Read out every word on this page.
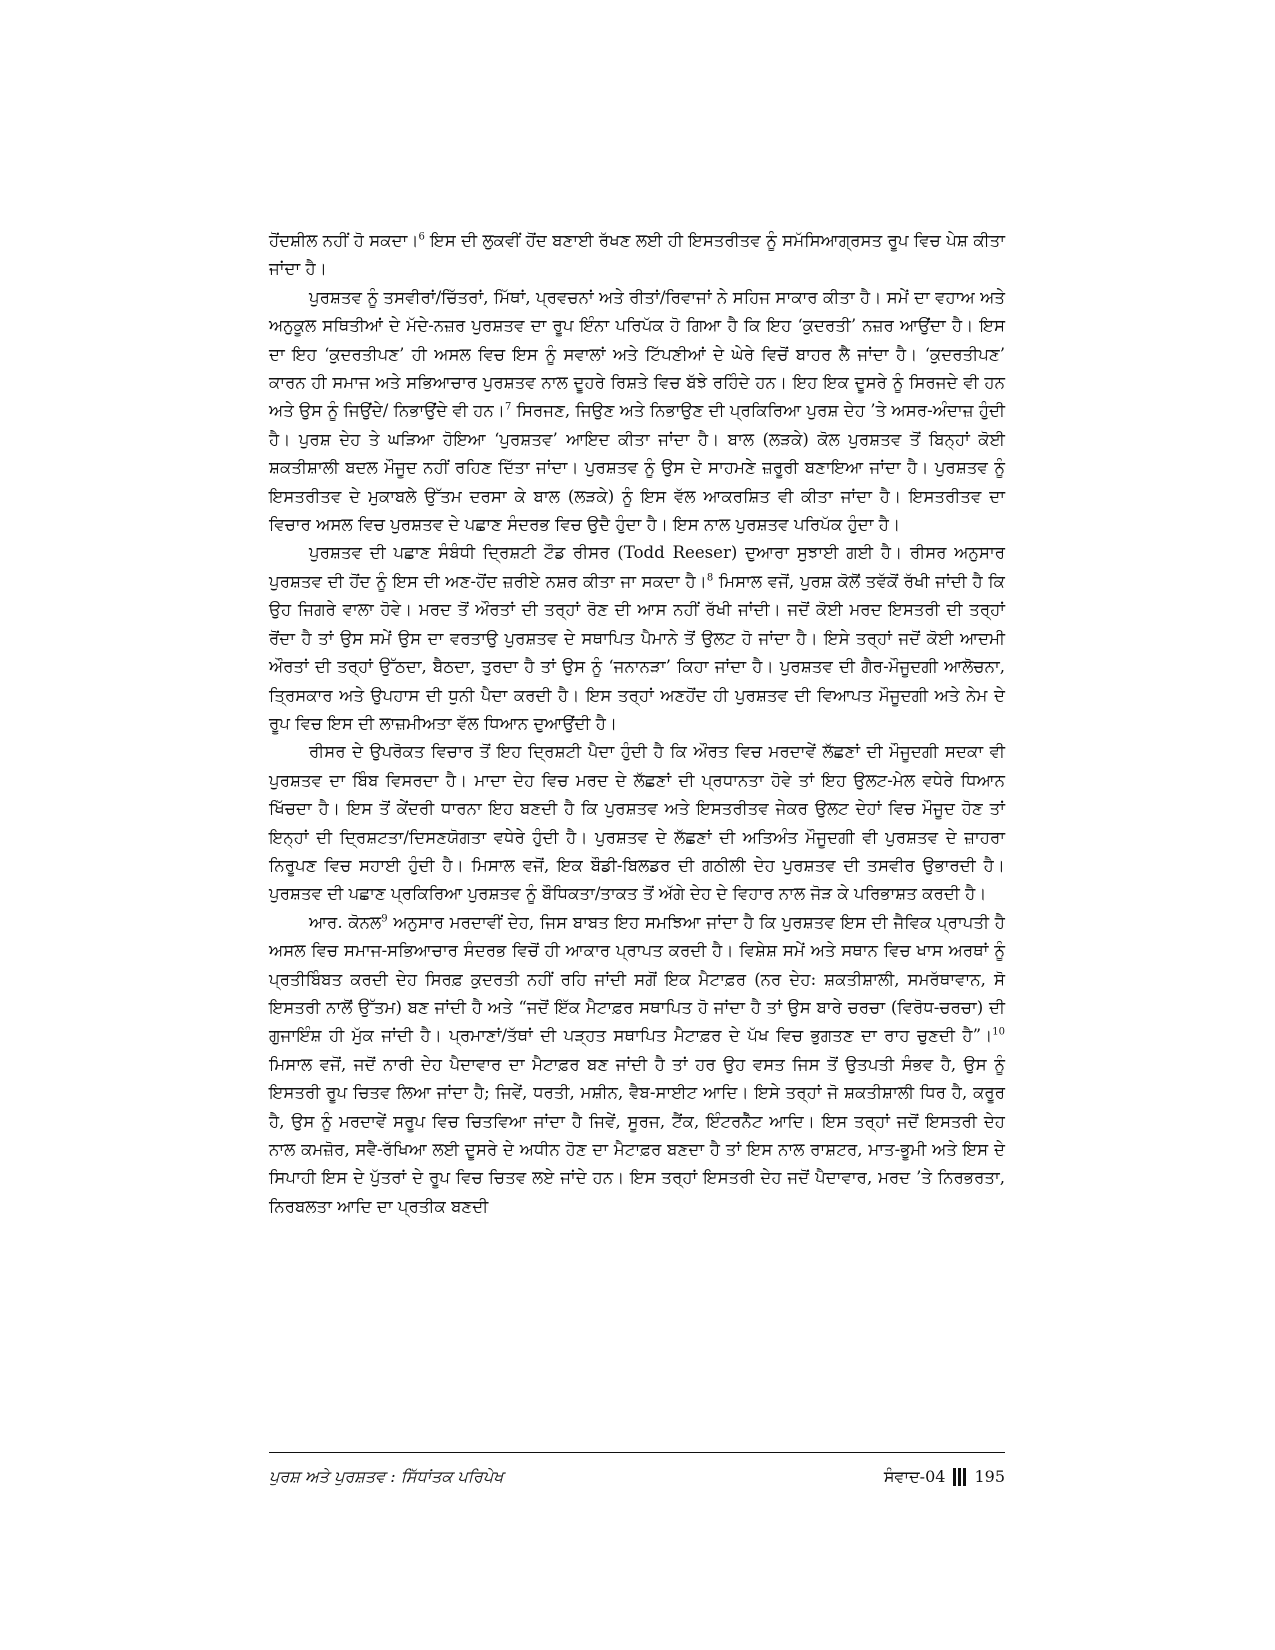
ਹੋਂਦਸ਼ੀਲ ਨਹੀਂ ਹੋ ਸਕਦਾ।$^6$ ਇਸ ਦੀ ਲੁਕਵੀਂ ਹੋਂਦ ਬਣਾਈ ਰੱਖਣ ਲਈ ਹੀ ਇਸਤਰੀਤਵ ਨੂੰ ਸਮੱਸਿਆਗ੍ਰਸਤ ਰੂਪ ਵਿਚ ਪੇਸ਼ ਕੀਤਾ ਜਾਂਦਾ ਹੈ।

ਪੁਰਸ਼ਤਵ ਨੂੰ ਤਸਵੀਰਾਂ/ਚਿੱਤਰਾਂ, ਮਿੱਥਾਂ, ਪ੍ਰਵਚਨਾਂ ਅਤੇ ਰੀਤਾਂ/ਰਿਵਾਜਾਂ ਨੇ ਸਹਿਜ ਸਾਕਾਰ ਕੀਤਾ ਹੈ। ਸਮੇਂ ਦਾ ਵਹਾਅ ਅਤੇ ਅਨੁਕੂਲ ਸਥਿਤੀਆਂ ਦੇ ਮੱਦੇ-ਨਜ਼ਰ ਪੁਰਸ਼ਤਵ ਦਾ ਰੂਪ ਇੰਨਾ ਪਰਿਪੱਕ ਹੋ ਗਿਆ ਹੈ ਕਿ ਇਹ ‘ਕੁਦਰਤੀ’ ਨਜ਼ਰ ਆਉਂਦਾ ਹੈ। ਇਸ ਦਾ ਇਹ ‘ਕੁਦਰਤੀਪਣ’ ਹੀ ਅਸਲ ਵਿਚ ਇਸ ਨੂੰ ਸਵਾਲਾਂ ਅਤੇ ਟਿੱਪਣੀਆਂ ਦੇ ਘੇਰੇ ਵਿਚੋਂ ਬਾਹਰ ਲੈ ਜਾਂਦਾ ਹੈ। ‘ਕੁਦਰਤੀਪਣ’ ਕਾਰਨ ਹੀ ਸਮਾਜ ਅਤੇ ਸਭਿਆਚਾਰ ਪੁਰਸ਼ਤਵ ਨਾਲ ਦੂਹਰੇ ਰਿਸ਼ਤੇ ਵਿਚ ਬੱਝੇ ਰਹਿੰਦੇ ਹਨ। ਇਹ ਇਕ ਦੂਸਰੇ ਨੂੰ ਸਿਰਜਦੇ ਵੀ ਹਨ ਅਤੇ ਉਸ ਨੂੰ ਜਿਉਂਦੇ/ ਨਿਭਾਉਂਦੇ ਵੀ ਹਨ।$^7$ ਸਿਰਜਣ, ਜਿਉਣ ਅਤੇ ਨਿਭਾਉਣ ਦੀ ਪ੍ਰਕਿਰਿਆ ਪੁਰਸ਼ ਦੇਹ ’ਤੇ ਅਸਰ-ਅੰਦਾਜ਼ ਹੁੰਦੀ ਹੈ। ਪੁਰਸ਼ ਦੇਹ ਤੇ ਘੜਿਆ ਹੋਇਆ ‘ਪੁਰਸ਼ਤਵ’ ਆਇਦ ਕੀਤਾ ਜਾਂਦਾ ਹੈ। ਬਾਲ (ਲੜਕੇ) ਕੋਲ ਪੁਰਸ਼ਤਵ ਤੋਂ ਬਿਨ੍ਹਾਂ ਕੋਈ ਸ਼ਕਤੀਸ਼ਾਲੀ ਬਦਲ ਮੌਜੂਦ ਨਹੀਂ ਰਹਿਣ ਦਿੱਤਾ ਜਾਂਦਾ। ਪੁਰਸ਼ਤਵ ਨੂੰ ਉਸ ਦੇ ਸਾਹਮਣੇ ਜ਼ਰੂਰੀ ਬਣਾਇਆ ਜਾਂਦਾ ਹੈ। ਪੁਰਸ਼ਤਵ ਨੂੰ ਇਸਤਰੀਤਵ ਦੇ ਮੁਕਾਬਲੇ ਉੱਤਮ ਦਰਸਾ ਕੇ ਬਾਲ (ਲੜਕੇ) ਨੂੰ ਇਸ ਵੱਲ ਆਕਰਸ਼ਿਤ ਵੀ ਕੀਤਾ ਜਾਂਦਾ ਹੈ। ਇਸਤਰੀਤਵ ਦਾ ਵਿਚਾਰ ਅਸਲ ਵਿਚ ਪੁਰਸ਼ਤਵ ਦੇ ਪਛਾਣ ਸੰਦਰਭ ਵਿਚ ਉਦੈ ਹੁੰਦਾ ਹੈ। ਇਸ ਨਾਲ ਪੁਰਸ਼ਤਵ ਪਰਿਪੱਕ ਹੁੰਦਾ ਹੈ।

ਪੁਰਸ਼ਤਵ ਦੀ ਪਛਾਣ ਸੰਬੰਧੀ ਦ੍ਰਿਸ਼ਟੀ ਟੌਡ ਰੀਸਰ (Todd Reeser) ਦੁਆਰਾ ਸੁਝਾਈ ਗਈ ਹੈ। ਰੀਸਰ ਅਨੁਸਾਰ ਪੁਰਸ਼ਤਵ ਦੀ ਹੋਂਦ ਨੂੰ ਇਸ ਦੀ ਅਣ-ਹੋਂਦ ਜ਼ਰੀਏ ਨਸ਼ਰ ਕੀਤਾ ਜਾ ਸਕਦਾ ਹੈ।$^8$ ਮਿਸਾਲ ਵਜੋਂ, ਪੁਰਸ਼ ਕੋਲੋਂ ਤਵੱਕੋਂ ਰੱਖੀ ਜਾਂਦੀ ਹੈ ਕਿ ਉਹ ਜਿਗਰੇ ਵਾਲਾ ਹੋਵੇ। ਮਰਦ ਤੋਂ ਔਰਤਾਂ ਦੀ ਤਰ੍ਹਾਂ ਰੋਣ ਦੀ ਆਸ ਨਹੀਂ ਰੱਖੀ ਜਾਂਦੀ। ਜਦੋਂ ਕੋਈ ਮਰਦ ਇਸਤਰੀ ਦੀ ਤਰ੍ਹਾਂ ਰੋਂਦਾ ਹੈ ਤਾਂ ਉਸ ਸਮੇਂ ਉਸ ਦਾ ਵਰਤਾਉ ਪੁਰਸ਼ਤਵ ਦੇ ਸਥਾਪਿਤ ਪੈਮਾਨੇ ਤੋਂ ਉਲਟ ਹੋ ਜਾਂਦਾ ਹੈ। ਇਸੇ ਤਰ੍ਹਾਂ ਜਦੋਂ ਕੋਈ ਆਦਮੀ ਔਰਤਾਂ ਦੀ ਤਰ੍ਹਾਂ ਉੱਠਦਾ, ਬੈਠਦਾ, ਤੁਰਦਾ ਹੈ ਤਾਂ ਉਸ ਨੂੰ ‘ਜਨਾਨੜਾ’ ਕਿਹਾ ਜਾਂਦਾ ਹੈ। ਪੁਰਸ਼ਤਵ ਦੀ ਗੈਰ-ਮੌਜੂਦਗੀ ਆਲੋਚਨਾ, ਤ੍ਰਿਸਕਾਰ ਅਤੇ ਉਪਹਾਸ ਦੀ ਧੁਨੀ ਪੈਦਾ ਕਰਦੀ ਹੈ। ਇਸ ਤਰ੍ਹਾਂ ਅਣਹੋਂਦ ਹੀ ਪੁਰਸ਼ਤਵ ਦੀ ਵਿਆਪਤ ਮੌਜੂਦਗੀ ਅਤੇ ਨੇਮ ਦੇ ਰੂਪ ਵਿਚ ਇਸ ਦੀ ਲਾਜ਼ਮੀਅਤਾ ਵੱਲ ਧਿਆਨ ਦੁਆਉਂਦੀ ਹੈ।

ਰੀਸਰ ਦੇ ਉਪਰੋਕਤ ਵਿਚਾਰ ਤੋਂ ਇਹ ਦ੍ਰਿਸ਼ਟੀ ਪੈਦਾ ਹੁੰਦੀ ਹੈ ਕਿ ਔਰਤ ਵਿਚ ਮਰਦਾਵੇਂ ਲੱਛਣਾਂ ਦੀ ਮੌਜੂਦਗੀ ਸਦਕਾ ਵੀ ਪੁਰਸ਼ਤਵ ਦਾ ਬਿੰਬ ਵਿਸਰਦਾ ਹੈ। ਮਾਦਾ ਦੇਹ ਵਿਚ ਮਰਦ ਦੇ ਲੱਛਣਾਂ ਦੀ ਪ੍ਰਧਾਨਤਾ ਹੋਵੇ ਤਾਂ ਇਹ ਉਲਟ-ਮੇਲ ਵਧੇਰੇ ਧਿਆਨ ਖਿੱਚਦਾ ਹੈ। ਇਸ ਤੋਂ ਕੇਂਦਰੀ ਧਾਰਨਾ ਇਹ ਬਣਦੀ ਹੈ ਕਿ ਪੁਰਸ਼ਤਵ ਅਤੇ ਇਸਤਰੀਤਵ ਜੇਕਰ ਉਲਟ ਦੇਹਾਂ ਵਿਚ ਮੌਜੂਦ ਹੋਣ ਤਾਂ ਇਨ੍ਹਾਂ ਦੀ ਦ੍ਰਿਸ਼ਟਤਾ/ਦਿਸਣਯੋਗਤਾ ਵਧੇਰੇ ਹੁੰਦੀ ਹੈ। ਪੁਰਸ਼ਤਵ ਦੇ ਲੱਛਣਾਂ ਦੀ ਅਤਿਅੰਤ ਮੌਜੂਦਗੀ ਵੀ ਪੁਰਸ਼ਤਵ ਦੇ ਜ਼ਾਹਰਾ ਨਿਰੂਪਣ ਵਿਚ ਸਹਾਈ ਹੁੰਦੀ ਹੈ। ਮਿਸਾਲ ਵਜੋਂ, ਇਕ ਬੌਡੀ-ਬਿਲਡਰ ਦੀ ਗਠੀਲੀ ਦੇਹ ਪੁਰਸ਼ਤਵ ਦੀ ਤਸਵੀਰ ਉਭਾਰਦੀ ਹੈ। ਪੁਰਸ਼ਤਵ ਦੀ ਪਛਾਣ ਪ੍ਰਕਿਰਿਆ ਪੁਰਸ਼ਤਵ ਨੂੰ ਬੌਧਿਕਤਾ/ਤਾਕਤ ਤੋਂ ਅੱਗੇ ਦੇਹ ਦੇ ਵਿਹਾਰ ਨਾਲ ਜੋੜ ਕੇ ਪਰਿਭਾਸ਼ਤ ਕਰਦੀ ਹੈ।

ਆਰ. ਕੋਨਲ$^9$ ਅਨੁਸਾਰ ਮਰਦਾਵੀਂ ਦੇਹ, ਜਿਸ ਬਾਬਤ ਇਹ ਸਮਝਿਆ ਜਾਂਦਾ ਹੈ ਕਿ ਪੁਰਸ਼ਤਵ ਇਸ ਦੀ ਜੈਵਿਕ ਪ੍ਰਾਪਤੀ ਹੈ ਅਸਲ ਵਿਚ ਸਮਾਜ-ਸਭਿਆਚਾਰ ਸੰਦਰਭ ਵਿਚੋਂ ਹੀ ਆਕਾਰ ਪ੍ਰਾਪਤ ਕਰਦੀ ਹੈ। ਵਿਸ਼ੇਸ਼ ਸਮੇਂ ਅਤੇ ਸਥਾਨ ਵਿਚ ਖਾਸ ਅਰਥਾਂ ਨੂੰ ਪ੍ਰਤੀਬਿੰਬਤ ਕਰਦੀ ਦੇਹ ਸਿਰਫ਼ ਕੁਦਰਤੀ ਨਹੀਂ ਰਹਿ ਜਾਂਦੀ ਸਗੋਂ ਇਕ ਮੈਟਾਫ਼ਰ (ਨਰ ਦੇਹ: ਸ਼ਕਤੀਸ਼ਾਲੀ, ਸਮਰੱਥਾਵਾਨ, ਸੋ ਇਸਤਰੀ ਨਾਲੋਂ ਉੱਤਮ) ਬਣ ਜਾਂਦੀ ਹੈ ਅਤੇ “ਜਦੋਂ ਇੱਕ ਮੈਟਾਫ਼ਰ ਸਥਾਪਿਤ ਹੋ ਜਾਂਦਾ ਹੈ ਤਾਂ ਉਸ ਬਾਰੇ ਚਰਚਾ (ਵਿਰੋਧ-ਚਰਚਾ) ਦੀ ਗੁਜਾਇੰਸ਼ ਹੀ ਮੁੱਕ ਜਾਂਦੀ ਹੈ। ਪ੍ਰਮਾਣਾਂ/ਤੱਥਾਂ ਦੀ ਪੜ੍ਹਤ ਸਥਾਪਿਤ ਮੈਟਾਫ਼ਰ ਦੇ ਪੱਖ ਵਿਚ ਭੁਗਤਣ ਦਾ ਰਾਹ ਚੁਣਦੀ ਹੈ”।$^{10}$ ਮਿਸਾਲ ਵਜੋਂ, ਜਦੋਂ ਨਾਰੀ ਦੇਹ ਪੈਦਾਵਾਰ ਦਾ ਮੈਟਾਫ਼ਰ ਬਣ ਜਾਂਦੀ ਹੈ ਤਾਂ ਹਰ ਉਹ ਵਸਤ ਜਿਸ ਤੋਂ ਉਤਪਤੀ ਸੰਭਵ ਹੈ, ਉਸ ਨੂੰ ਇਸਤਰੀ ਰੂਪ ਚਿਤਵ ਲਿਆ ਜਾਂਦਾ ਹੈ; ਜਿਵੇਂ, ਧਰਤੀ, ਮਸ਼ੀਨ, ਵੈਬ-ਸਾਈਟ ਆਦਿ। ਇਸੇ ਤਰ੍ਹਾਂ ਜੋ ਸ਼ਕਤੀਸ਼ਾਲੀ ਧਿਰ ਹੈ, ਕਰੂਰ ਹੈ, ਉਸ ਨੂੰ ਮਰਦਾਵੇਂ ਸਰੂਪ ਵਿਚ ਚਿਤਵਿਆ ਜਾਂਦਾ ਹੈ ਜਿਵੇਂ, ਸੂਰਜ, ਟੈਂਕ, ਇੰਟਰਨੈੱਟ ਆਦਿ। ਇਸ ਤਰ੍ਹਾਂ ਜਦੋਂ ਇਸਤਰੀ ਦੇਹ ਨਾਲ ਕਮਜ਼ੋਰ, ਸਵੈ-ਰੱਖਿਆ ਲਈ ਦੂਸਰੇ ਦੇ ਅਧੀਨ ਹੋਣ ਦਾ ਮੈਟਾਫ਼ਰ ਬਣਦਾ ਹੈ ਤਾਂ ਇਸ ਨਾਲ ਰਾਸ਼ਟਰ, ਮਾਤ-ਭੂਮੀ ਅਤੇ ਇਸ ਦੇ ਸਿਪਾਹੀ ਇਸ ਦੇ ਪੁੱਤਰਾਂ ਦੇ ਰੂਪ ਵਿਚ ਚਿਤਵ ਲਏ ਜਾਂਦੇ ਹਨ। ਇਸ ਤਰ੍ਹਾਂ ਇਸਤਰੀ ਦੇਹ ਜਦੋਂ ਪੈਦਾਵਾਰ, ਮਰਦ ’ਤੇ ਨਿਰਭਰਤਾ, ਨਿਰਬਲਤਾ ਆਦਿ ਦਾ ਪ੍ਰਤੀਕ ਬਣਦੀ

ਪੁਰਸ਼ ਅਤੇ ਪੁਰਸ਼ਤਵ : ਸਿੱਧਾਂਤਕ ਪਰਿਪੇਖ	ਸੰਵਾਦ-04 195
